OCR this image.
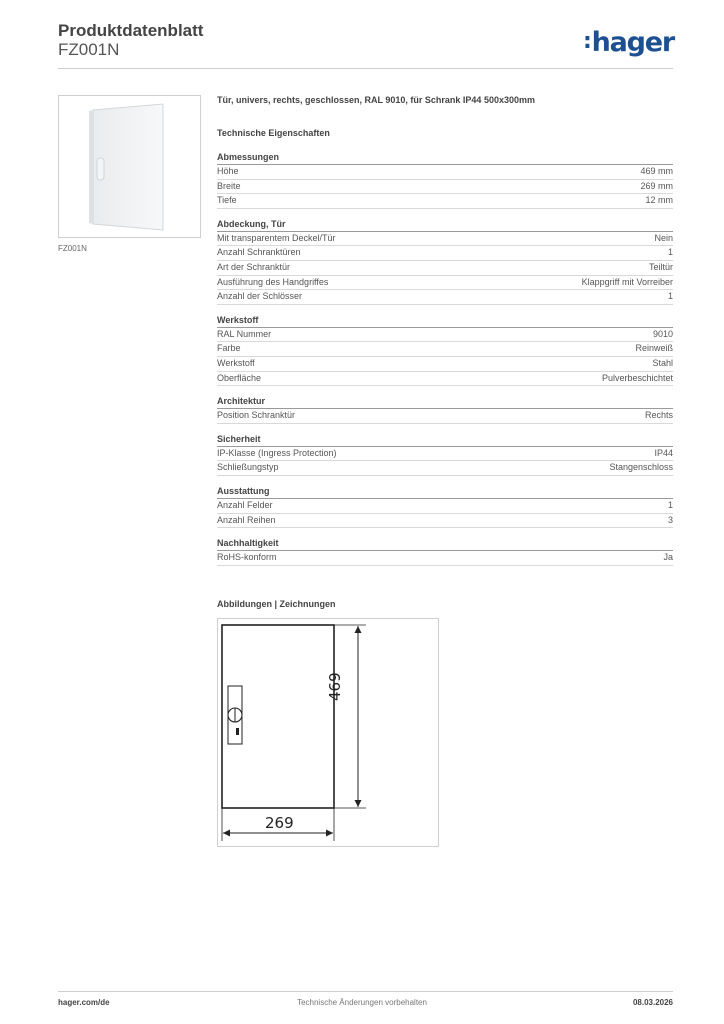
Produktdatenblatt
FZ001N	:hager
FZ001N
Tür, univers, rechts, geschlossen, RAL 9010, für Schrank IP44 500x300mm
Technische Eigenschaften
Abmessungen
Höhe	469 mm
Breite	269 mm
Tiefe	12 mm
Abdeckung, Tür
Mit transparentem Deckel/Tür	Nein
Anzahl Schranktüren	1
Art der Schranktür	Teiltür
Ausführung des Handgriffes	Klappgriff mit Vorreiber
Anzahl der Schlösser	1
Werkstoff
RAL Nummer	9010
Farbe	Reinweiß
Werkstoff	Stahl
Oberfläche	Pulverbeschichtet
Architektur
Position Schranktür	Rechts
Sicherheit
IP-Klasse (Ingress Protection)	IP44
Schließungstyp	Stangenschloss
Ausstattung
Anzahl Felder	1
Anzahl Reihen	3
Nachhaltigkeit
RoHS-konform	Ja
Abbildungen | Zeichnungen
269
469
hager.com/de	Technische Änderungen vorbehalten	08.03.2026
